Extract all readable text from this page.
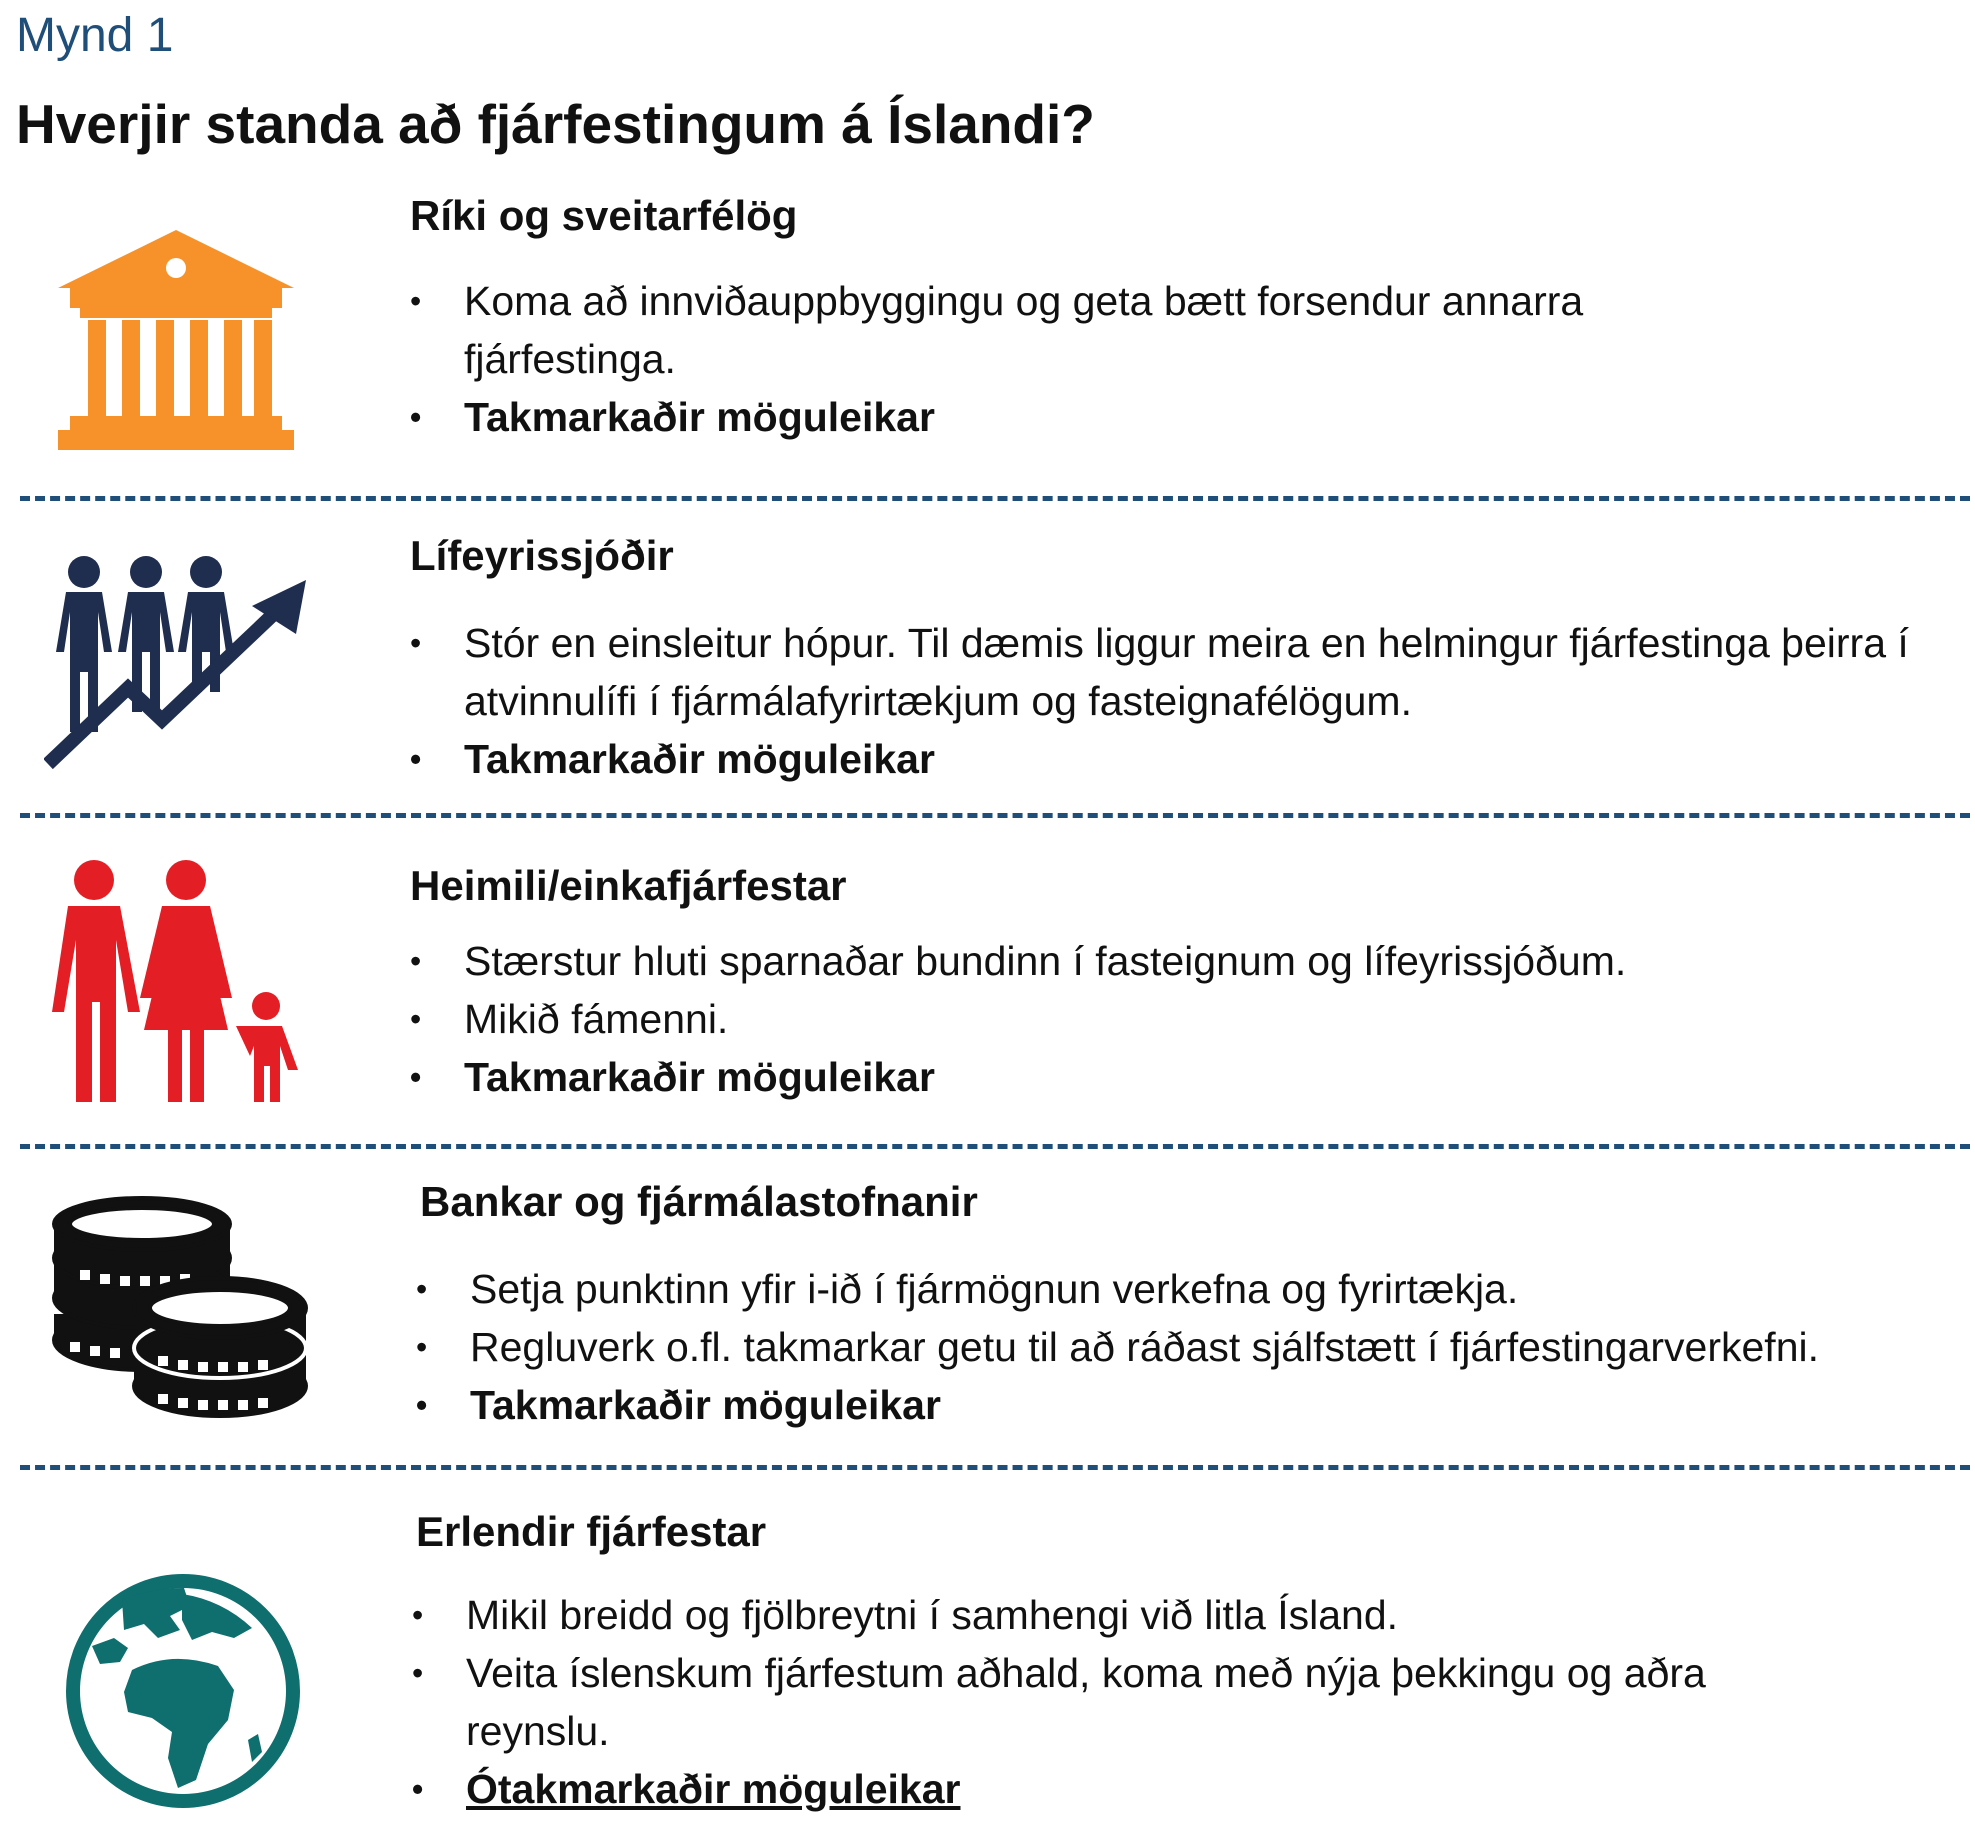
Mynd 1
Hverjir standa að fjárfestingum á Íslandi?
Ríki og sveitarfélög
• Koma að innviðauppbyggingu og geta bætt forsendur annarra fjárfestinga.
• Takmarkaðir möguleikar
Lífeyrissjóðir
• Stór en einsleitur hópur. Til dæmis liggur meira en helmingur fjárfestinga þeirra í atvinnulífi í fjármálafyrirtækjum og fasteignafélögum.
• Takmarkaðir möguleikar
Heimili/einkafjárfestar
• Stærstur hluti sparnaðar bundinn í fasteignum og lífeyrissjóðum.
• Mikið fámenni.
• Takmarkaðir möguleikar
Bankar og fjármálastofnanir
• Setja punktinn yfir i-ið í fjármögnun verkefna og fyrirtækja.
• Regluverk o.fl. takmarkar getu til að ráðast sjálfstætt í fjárfestingarverkefni.
• Takmarkaðir möguleikar
Erlendir fjárfestar
• Mikil breidd og fjölbreytni í samhengi við litla Ísland.
• Veita íslenskum fjárfestum aðhald, koma með nýja þekkingu og aðra reynslu.
• Ótakmarkaðir möguleikar
